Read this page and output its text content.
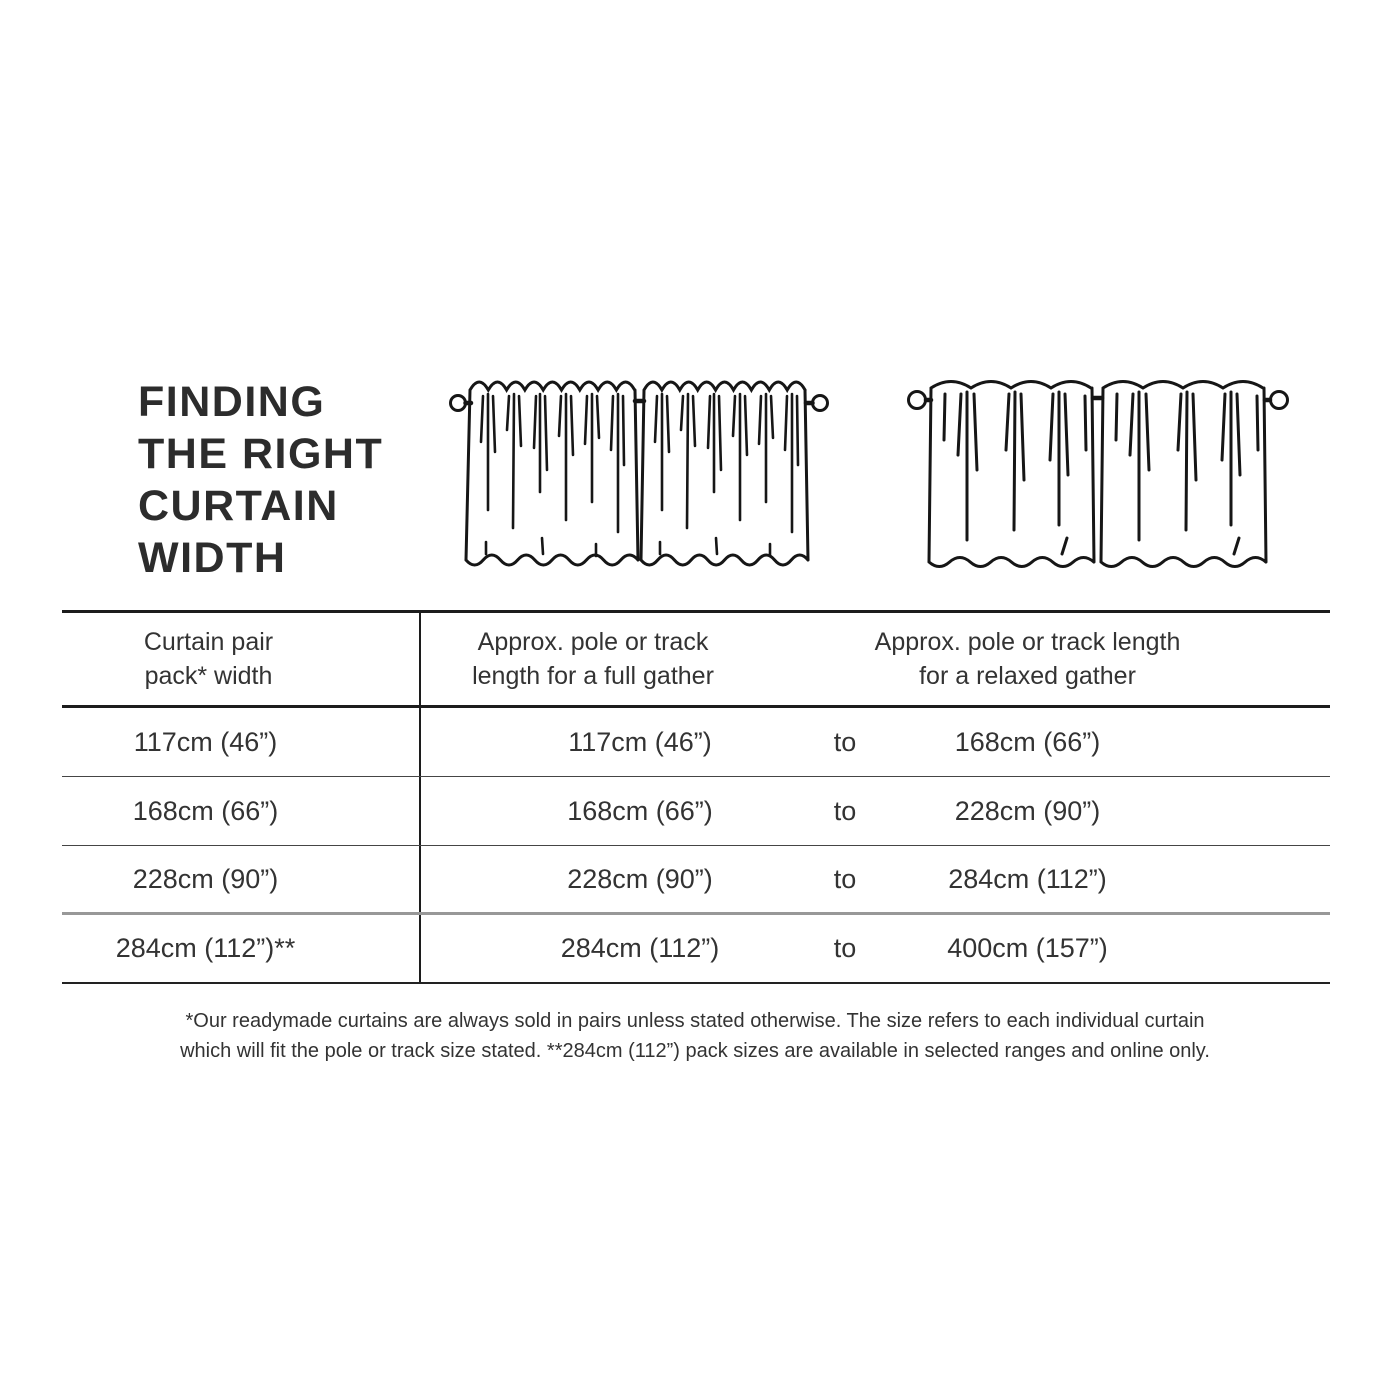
FINDING
THE RIGHT
CURTAIN
WIDTH
Curtain pair
pack* width
Approx. pole or track
length for a full gather
Approx. pole or track length
for a relaxed gather
117cm (46”)	117cm (46”)	to	168cm (66”)
168cm (66”)	168cm (66”)	to	228cm (90”)
228cm (90”)	228cm (90”)	to	284cm (112”)
284cm (112”)**	284cm (112”)	to	400cm (157”)
*Our readymade curtains are always sold in pairs unless stated otherwise. The size refers to each individual curtain
which will fit the pole or track size stated. **284cm (112”) pack sizes are available in selected ranges and online only.
